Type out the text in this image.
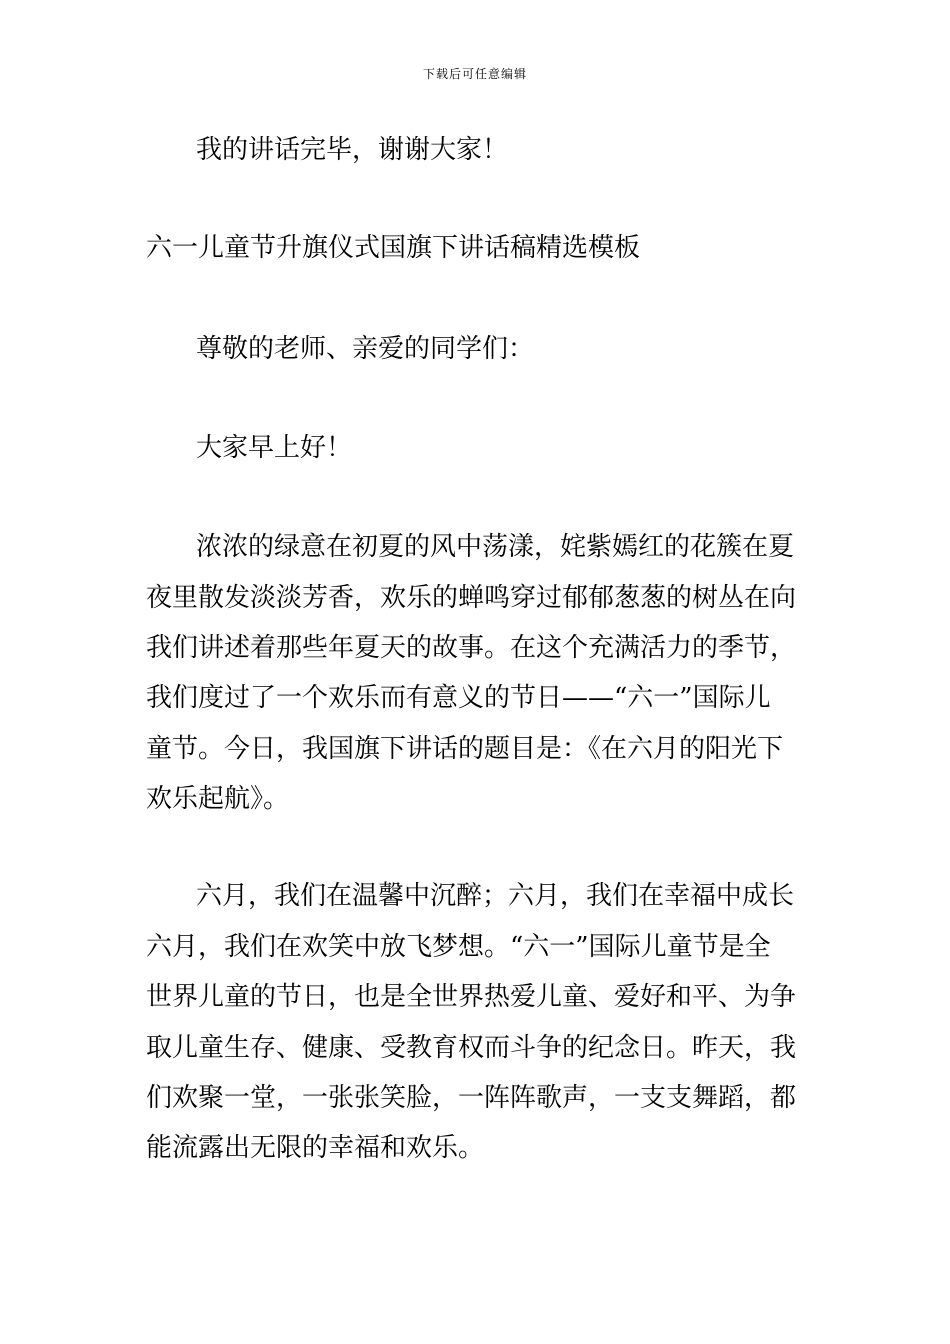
下载后可任意编辑

我的讲话完毕，谢谢大家！

六一儿童节升旗仪式国旗下讲话稿精选模板

尊敬的老师、亲爱的同学们：

大家早上好！

浓浓的绿意在初夏的风中荡漾，姹紫嫣红的花簇在夏

夜里散发淡淡芳香，欢乐的蝉鸣穿过郁郁葱葱的树丛在向

我们讲述着那些年夏天的故事。在这个充满活力的季节，

我们度过了一个欢乐而有意义的节日——“六一”国际儿

童节。今日，我国旗下讲话的题目是：《在六月的阳光下

欢乐起航》。

六月，我们在温馨中沉醉；六月，我们在幸福中成长

六月，我们在欢笑中放飞梦想。“六一”国际儿童节是全

世界儿童的节日，也是全世界热爱儿童、爱好和平、为争

取儿童生存、健康、受教育权而斗争的纪念日。昨天，我

们欢聚一堂，一张张笑脸，一阵阵歌声，一支支舞蹈，都

能流露出无限的幸福和欢乐。
